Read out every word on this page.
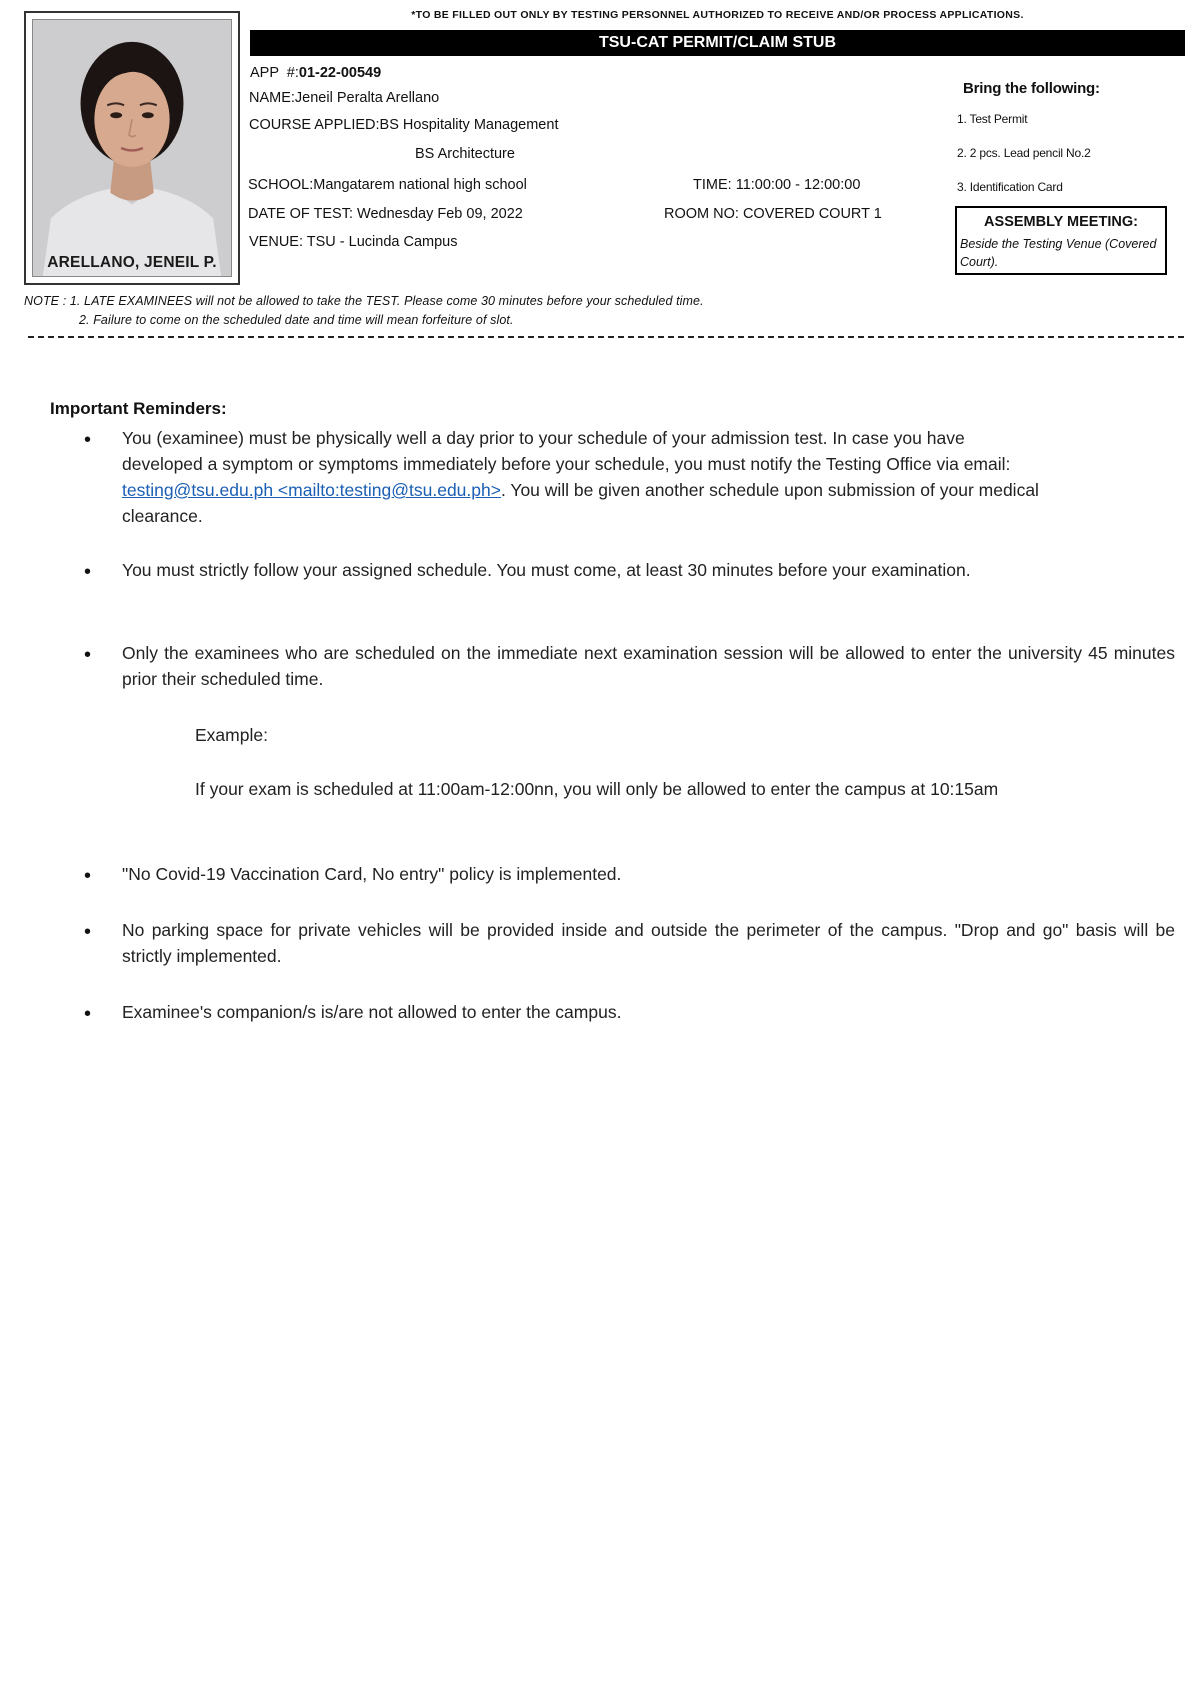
ARELLANO, JENEIL P.
*TO BE FILLED OUT ONLY BY TESTING PERSONNEL AUTHORIZED TO RECEIVE AND/OR PROCESS APPLICATIONS.
TSU-CAT PERMIT/CLAIM STUB
APP  #:01-22-00549
NAME:Jeneil Peralta Arellano
COURSE APPLIED:BS Hospitality Management
BS Architecture
SCHOOL:Mangatarem national high school
DATE OF TEST: Wednesday Feb 09, 2022
VENUE: TSU - Lucinda Campus
TIME: 11:00:00 - 12:00:00
ROOM NO: COVERED COURT 1
Bring the following:
1. Test Permit
2. 2 pcs. Lead pencil No.2
3. Identification Card
ASSEMBLY MEETING:
Beside the Testing Venue (Covered Court).
NOTE : 1. LATE EXAMINEES will not be allowed to take the TEST. Please come 30 minutes before your scheduled time.
2. Failure to come on the scheduled date and time will mean forfeiture of slot.
Important Reminders:
• You (examinee) must be physically well a day prior to your schedule of your admission test. In case you have developed a symptom or symptoms immediately before your schedule, you must notify the Testing Office via email: testing@tsu.edu.ph <mailto:testing@tsu.edu.ph>. You will be given another schedule upon submission of your medical clearance.
• You must strictly follow your assigned schedule. You must come, at least 30 minutes before your examination.
• Only the examinees who are scheduled on the immediate next examination session will be allowed to enter the university 45 minutes prior their scheduled time.
Example:
If your exam is scheduled at 11:00am-12:00nn, you will only be allowed to enter the campus at 10:15am
• "No Covid-19 Vaccination Card, No entry" policy is implemented.
• No parking space for private vehicles will be provided inside and outside the perimeter of the campus. "Drop and go" basis will be strictly implemented.
• Examinee's companion/s is/are not allowed to enter the campus.
